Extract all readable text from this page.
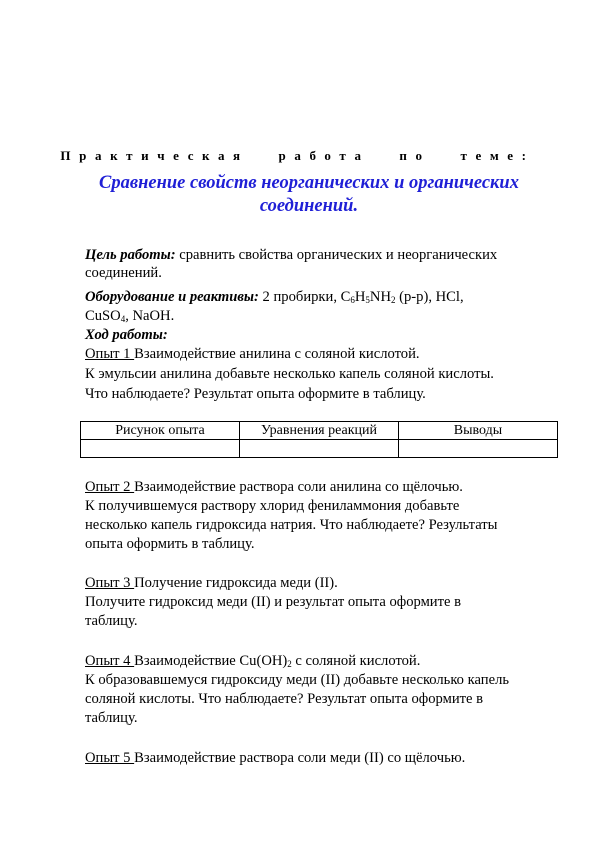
Практическая работа по теме:
Сравнение свойств неорганических и органических
соединений.
Цель работы: сравнить свойства органических и неорганических
соединений.
Оборудование и реактивы: 2 пробирки, $C_6H_5NH_2$ (р-р), HCl,
CuSO$_4$, NaOH.
Ход работы:
Опыт 1 Взаимодействие анилина с соляной кислотой.
К эмульсии анилина добавьте несколько капель соляной кислоты.
Что наблюдаете? Результат опыта оформите в таблицу.
Рисунок опыта	Уравнения реакций	Выводы

Опыт 2 Взаимодействие раствора соли анилина со щёлочью.
К получившемуся раствору хлорид фениламмония добавьте
несколько капель гидроксида натрия. Что наблюдаете? Результаты
опыта оформить в таблицу.
Опыт 3 Получение гидроксида меди (II).
Получите гидроксид меди (II) и результат опыта оформите в
таблицу.
Опыт 4 Взаимодействие $Cu(OH)_2$ с соляной кислотой.
К образовавшемуся гидроксиду меди (II) добавьте несколько капель
соляной кислоты. Что наблюдаете? Результат опыта оформите в
таблицу.
Опыт 5 Взаимодействие раствора соли меди (II) со щёлочью.
